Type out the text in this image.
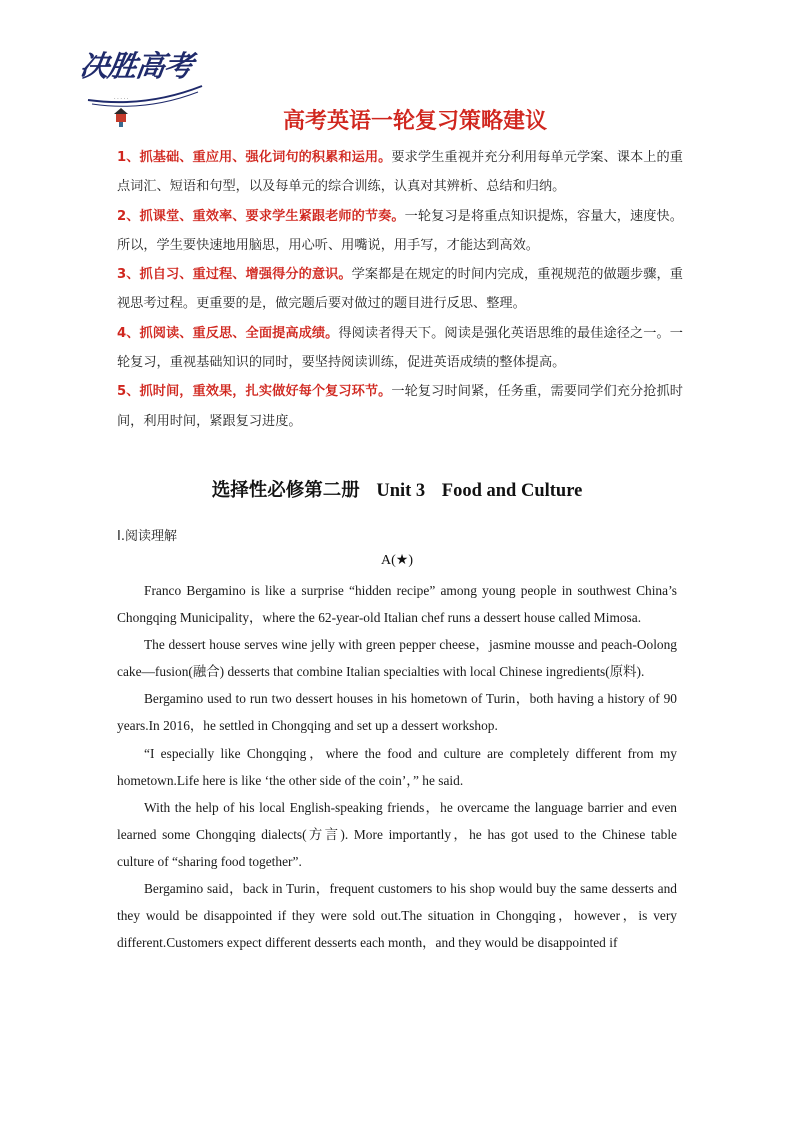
决胜高考
· · · · ·
高考英语一轮复习策略建议

1、抓基础、重应用、强化词句的积累和运用。要求学生重视并充分利用每单元学案、课本上的重点词汇、短语和句型，以及每单元的综合训练，认真对其辨析、总结和归纳。

2、抓课堂、重效率、要求学生紧跟老师的节奏。一轮复习是将重点知识提炼，容量大，速度快。所以，学生要快速地用脑思，用心听、用嘴说，用手写，才能达到高效。

3、抓自习、重过程、增强得分的意识。学案都是在规定的时间内完成，重视规范的做题步骤，重视思考过程。更重要的是，做完题后要对做过的题目进行反思、整理。

4、抓阅读、重反思、全面提高成绩。得阅读者得天下。阅读是强化英语思维的最佳途径之一。一轮复习，重视基础知识的同时，要坚持阅读训练，促进英语成绩的整体提高。

5、抓时间，重效果，扎实做好每个复习环节。一轮复习时间紧，任务重，需要同学们充分抢抓时间，利用时间，紧跟复习进度。

选择性必修第二册 Unit 3 Food and Culture
Ⅰ.阅读理解
A(★)

Franco Bergamino is like a surprise “hidden recipe” among young people in southwest China’s Chongqing Municipality，where the 62-year-old Italian chef runs a dessert house called Mimosa.

The dessert house serves wine jelly with green pepper cheese，jasmine mousse and peach-Oolong cake—fusion(融合) desserts that combine Italian specialties with local Chinese ingredients(原料).

Bergamino used to run two dessert houses in his hometown of Turin，both having a history of 90 years.In 2016，he settled in Chongqing and set up a dessert workshop.

“I especially like Chongqing，where the food and culture are completely different from my hometown.Life here is like ‘the other side of the coin’，” he said.

With the help of his local English-speaking friends，he overcame the language barrier and even learned some Chongqing dialects(方言). More importantly，he has got used to the Chinese table culture of “sharing food together”.

Bergamino said，back in Turin，frequent customers to his shop would buy the same desserts and they would be disappointed if they were sold out.The situation in Chongqing，however，is very different.Customers expect different desserts each month，and they would be disappointed if
